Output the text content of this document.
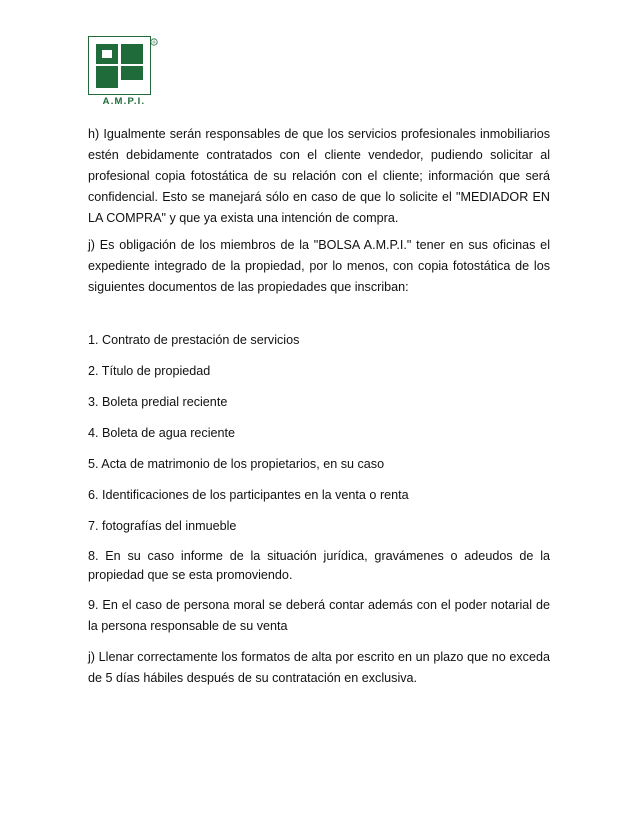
®
A.M.P.I.

h) Igualmente serán responsables de que los servicios profesionales inmobiliarios estén debidamente contratados con el cliente vendedor, pudiendo solicitar al profesional copia fotostática de su relación con el cliente; información que será confidencial. Esto se manejará sólo en caso de que lo solicite el "MEDIADOR EN LA COMPRA" y que ya exista una intención de compra.

j) Es obligación de los miembros de la "BOLSA A.M.P.I." tener en sus oficinas el expediente integrado de la propiedad, por lo menos, con copia fotostática de los siguientes documentos de las propiedades que inscriban:

1. Contrato de prestación de servicios
2. Título de propiedad
3. Boleta predial reciente
4. Boleta de agua reciente
5. Acta de matrimonio de los propietarios, en su caso
6. Identificaciones de los participantes en la venta o renta
7. fotografías del inmueble
8. En su caso informe de la situación jurídica, gravámenes o adeudos de la propiedad que se esta promoviendo.
9. En el caso de persona moral se deberá contar además con el poder notarial de la persona responsable de su venta

j) Llenar correctamente los formatos de alta por escrito en un plazo que no exceda de 5 días hábiles después de su contratación en exclusiva.
